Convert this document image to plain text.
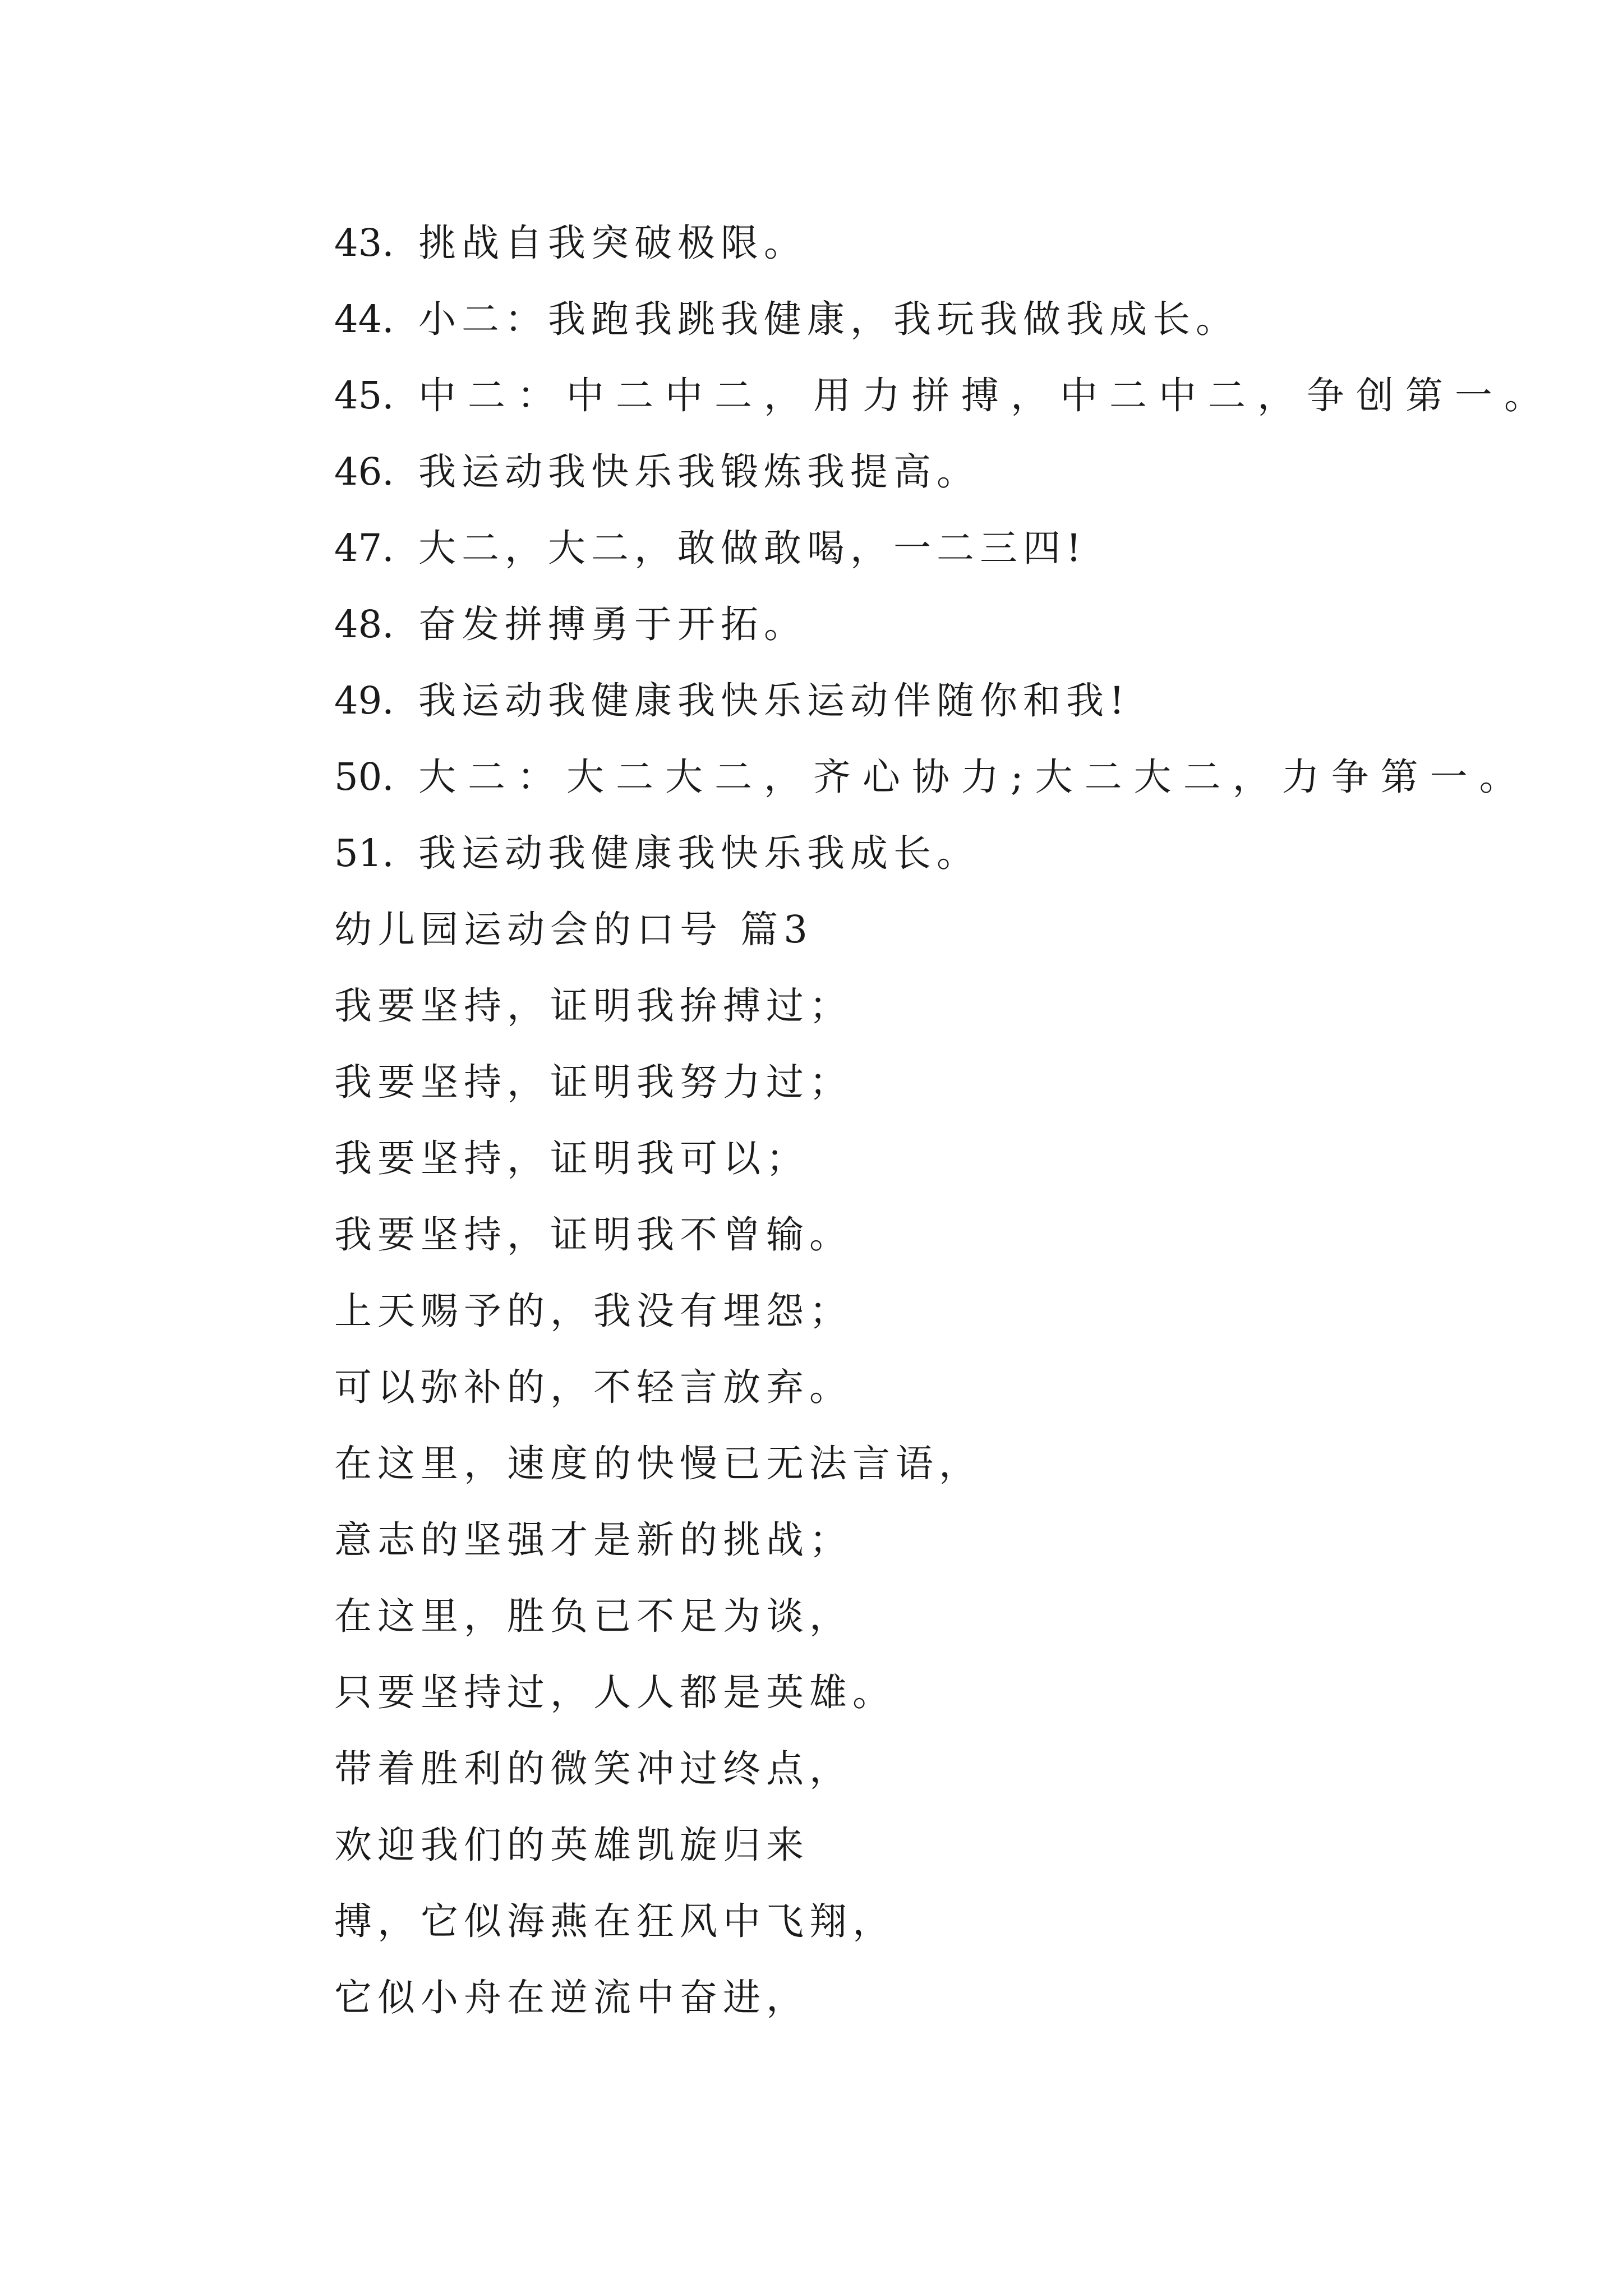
43. 挑战自我突破极限。

44. 小二：我跑我跳我健康，我玩我做我成长。

45. 中二：中二中二，用力拼搏，中二中二，争创第一。

46. 我运动我快乐我锻炼我提高。

47. 大二，大二，敢做敢喝，一二三四!

48. 奋发拼搏勇于开拓。

49. 我运动我健康我快乐运动伴随你和我!

50. 大二：大二大二，齐心协力;大二大二，力争第一。

51. 我运动我健康我快乐我成长。

幼儿园运动会的口号 篇3

我要坚持，证明我拚搏过；

我要坚持，证明我努力过；

我要坚持，证明我可以；

我要坚持，证明我不曾输。

上天赐予的，我没有埋怨；

可以弥补的，不轻言放弃。

在这里，速度的快慢已无法言语，

意志的坚强才是新的挑战；

在这里，胜负已不足为谈，

只要坚持过，人人都是英雄。

带着胜利的微笑冲过终点，

欢迎我们的英雄凯旋归来

搏，它似海燕在狂风中飞翔，

它似小舟在逆流中奋进，
